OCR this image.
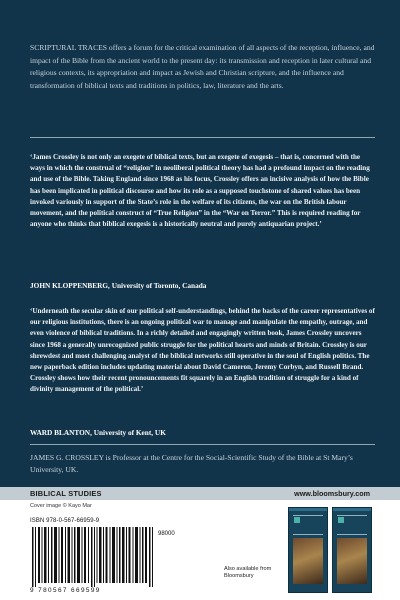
SCRIPTURAL TRACES offers a forum for the critical examination of all aspects of the reception, influence, and impact of the Bible from the ancient world to the present day: its transmission and reception in later cultural and religious contexts, its appropriation and impact as Jewish and Christian scripture, and the influence and transformation of biblical texts and traditions in politics, law, literature and the arts.

‘James Crossley is not only an exegete of biblical texts, but an exegete of exegesis – that is, concerned with the ways in which the construal of “religion” in neoliberal political theory has had a profound impact on the reading and use of the Bible. Taking England since 1968 as his focus, Crossley offers an incisive analysis of how the Bible has been implicated in political discourse and how its role as a supposed touchstone of shared values has been invoked variously in support of the State’s role in the welfare of its citizens, the war on the British labour movement, and the political construct of “True Religion” in the “War on Terror.” This is required reading for anyone who thinks that biblical exegesis is a historically neutral and purely antiquarian project.’

JOHN KLOPPENBERG, University of Toronto, Canada

‘Underneath the secular skin of our political self-understandings, behind the backs of the career representatives of our religious institutions, there is an ongoing political war to manage and manipulate the empathy, outrage, and even violence of biblical traditions. In a richly detailed and engagingly written book, James Crossley uncovers since 1968 a generally unrecognized public struggle for the political hearts and minds of Britain. Crossley is our shrewdest and most challenging analyst of the biblical networks still operative in the soul of English politics. The new paperback edition includes updating material about David Cameron, Jeremy Corbyn, and Russell Brand. Crossley shows how their recent pronouncements fit squarely in an English tradition of struggle for a kind of divinity management of the political.’

WARD BLANTON, University of Kent, UK

JAMES G. CROSSLEY is Professor at the Centre for the Social-Scientific Study of the Bible at St Mary’s University, UK.

BIBLICAL STUDIES	www.bloomsbury.com
Cover image © Kayo Mar
ISBN 978-0-567-66959-9
98000
9 780567 669599
Also available from Bloomsbury
